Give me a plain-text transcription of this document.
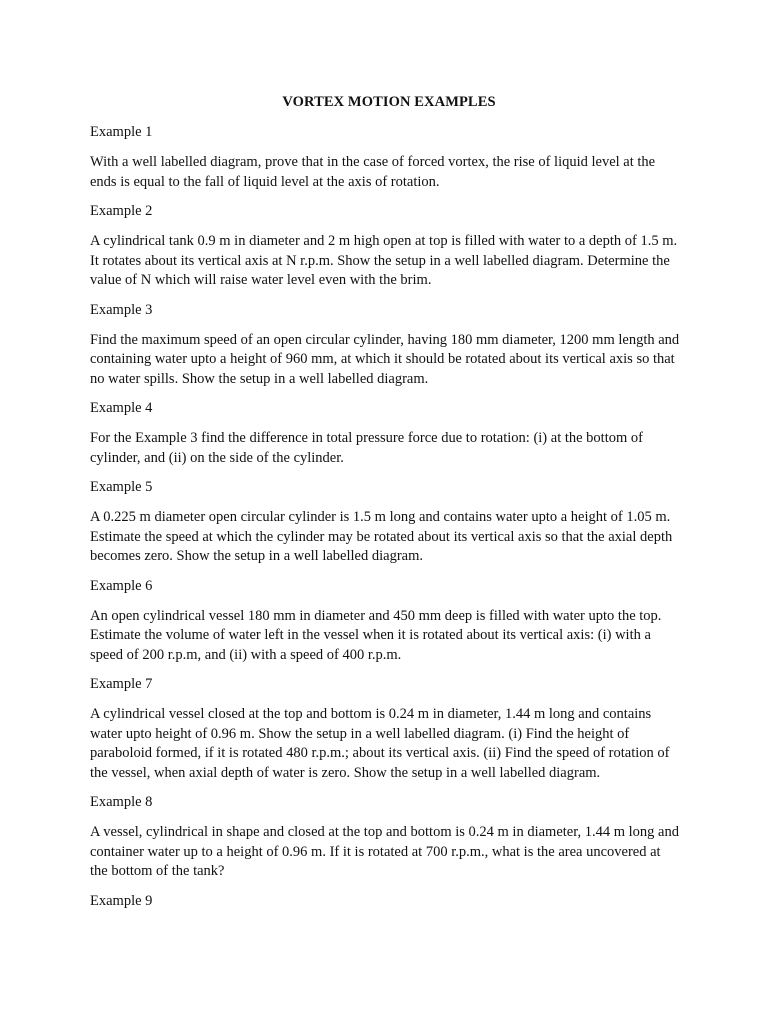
VORTEX MOTION EXAMPLES
Example 1
With a well labelled diagram, prove that in the case of forced vortex, the rise of liquid level at the ends is equal to the fall of liquid level at the axis of rotation.
Example 2
A cylindrical tank 0.9 m in diameter and 2 m high open at top is filled with water to a depth of 1.5 m. It rotates about its vertical axis at N r.p.m. Show the setup in a well labelled diagram. Determine the value of N which will raise water level even with the brim.
Example 3
Find the maximum speed of an open circular cylinder, having 180 mm diameter, 1200 mm length and containing water upto a height of 960 mm, at which it should be rotated about its vertical axis so that no water spills. Show the setup in a well labelled diagram.
Example 4
For the Example 3 find the difference in total pressure force due to rotation: (i) at the bottom of cylinder, and (ii) on the side of the cylinder.
Example 5
A 0.225 m diameter open circular cylinder is 1.5 m long and contains water upto a height of 1.05 m. Estimate the speed at which the cylinder may be rotated about its vertical axis so that the axial depth becomes zero. Show the setup in a well labelled diagram.
Example 6
An open cylindrical vessel 180 mm in diameter and 450 mm deep is filled with water upto the top. Estimate the volume of water left in the vessel when it is rotated about its vertical axis: (i) with a speed of 200 r.p.m, and (ii) with a speed of 400 r.p.m.
Example 7
A cylindrical vessel closed at the top and bottom is 0.24 m in diameter, 1.44 m long and contains water upto height of 0.96 m. Show the setup in a well labelled diagram. (i) Find the height of paraboloid formed, if it is rotated 480 r.p.m.; about its vertical axis. (ii) Find the speed of rotation of the vessel, when axial depth of water is zero. Show the setup in a well labelled diagram.
Example 8
A vessel, cylindrical in shape and closed at the top and bottom is 0.24 m in diameter, 1.44 m long and container water up to a height of 0.96 m. If it is rotated at 700 r.p.m., what is the area uncovered at the bottom of the tank?
Example 9
